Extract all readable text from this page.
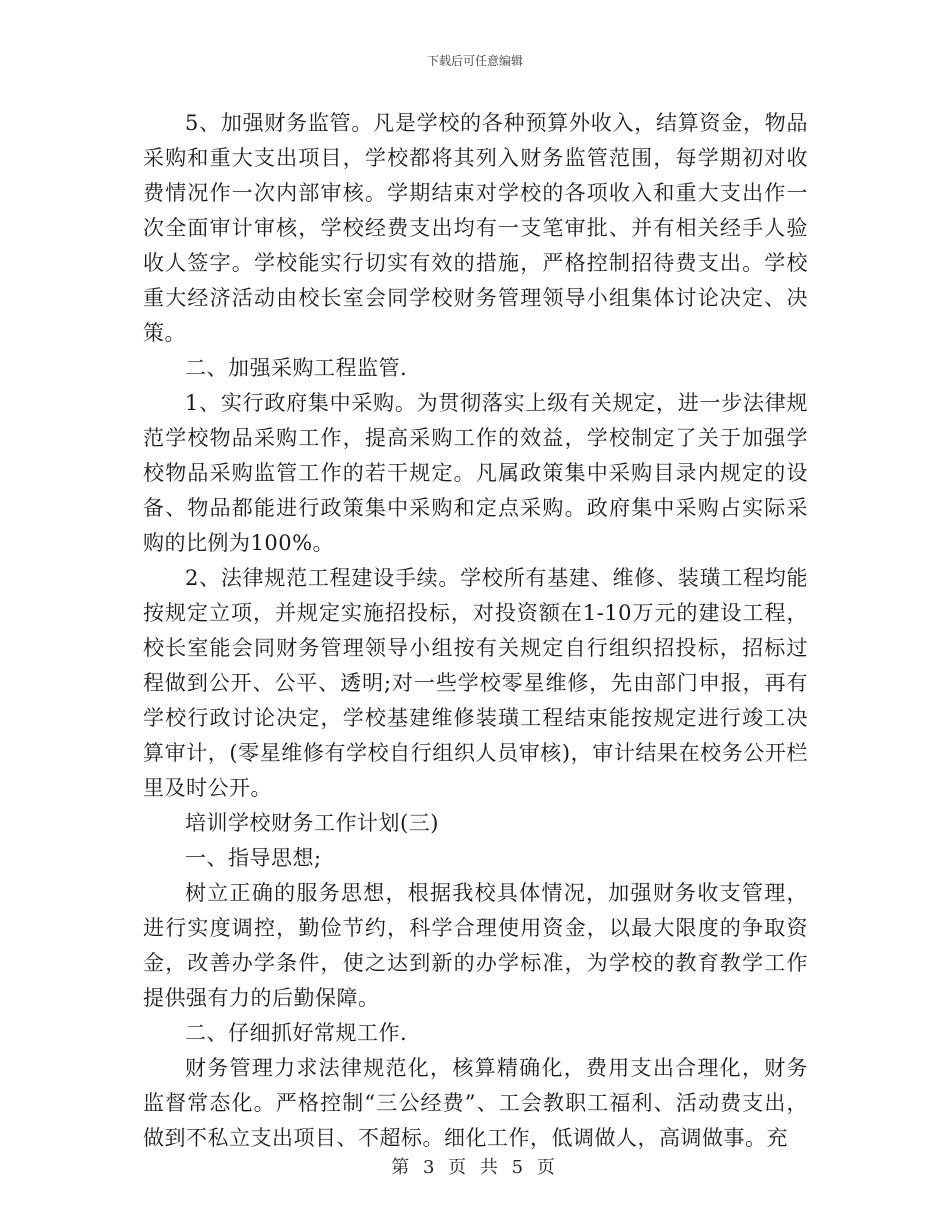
下载后可任意编辑

5、加强财务监管。凡是学校的各种预算外收入，结算资金，物品采购和重大支出项目，学校都将其列入财务监管范围，每学期初对收费情况作一次内部审核。学期结束对学校的各项收入和重大支出作一次全面审计审核，学校经费支出均有一支笔审批、并有相关经手人验收人签字。学校能实行切实有效的措施，严格控制招待费支出。学校重大经济活动由校长室会同学校财务管理领导小组集体讨论决定、决策。

二、加强采购工程监管.

1、实行政府集中采购。为贯彻落实上级有关规定，进一步法律规范学校物品采购工作，提高采购工作的效益，学校制定了关于加强学校物品采购监管工作的若干规定。凡属政策集中采购目录内规定的设备、物品都能进行政策集中采购和定点采购。政府集中采购占实际采购的比例为100%。

2、法律规范工程建设手续。学校所有基建、维修、装璜工程均能按规定立项，并规定实施招投标，对投资额在1-10万元的建设工程，校长室能会同财务管理领导小组按有关规定自行组织招投标，招标过程做到公开、公平、透明;对一些学校零星维修，先由部门申报，再有学校行政讨论决定，学校基建维修装璜工程结束能按规定进行竣工决算审计，(零星维修有学校自行组织人员审核)，审计结果在校务公开栏里及时公开。

培训学校财务工作计划(三)

一、指导思想;

树立正确的服务思想，根据我校具体情况，加强财务收支管理，进行实度调控，勤俭节约，科学合理使用资金，以最大限度的争取资金，改善办学条件，使之达到新的办学标准，为学校的教育教学工作提供强有力的后勤保障。

二、仔细抓好常规工作.

财务管理力求法律规范化，核算精确化，费用支出合理化，财务监督常态化。严格控制“三公经费”、工会教职工福利、活动费支出，做到不私立支出项目、不超标。细化工作，低调做人，高调做事。充

第 3 页 共 5 页
